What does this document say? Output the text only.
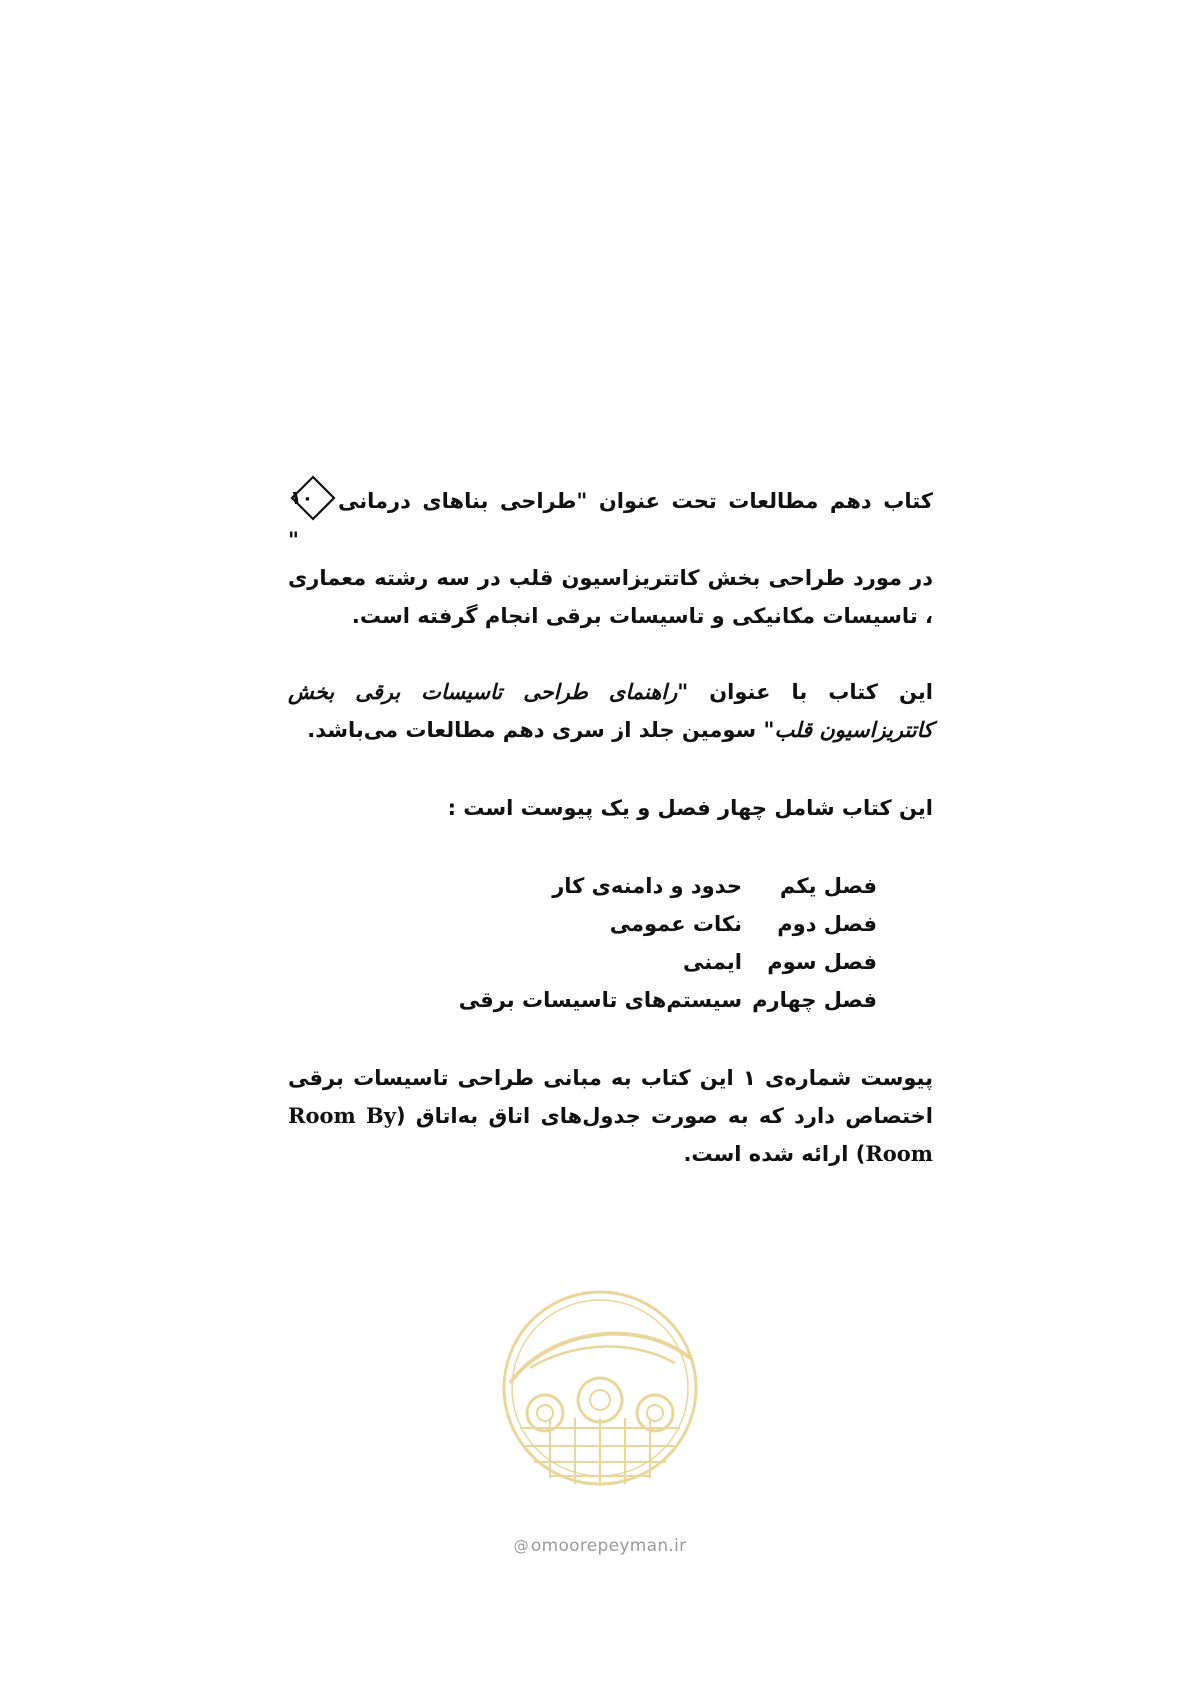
کتاب دهم مطالعات تحت عنوان "طراحی بناهای درمانی
۱۰
"
در مورد طراحی بخش کاتتریزاسیون قلب در سه رشته معماری ، تاسیسات مکانیکی و تاسیسات برقی انجام گرفته است.

این کتاب با عنوان "راهنمای طراحی تاسیسات برقی بخش کاتتریزاسیون قلب" سومین جلد از سری دهم مطالعات می‌باشد.

این کتاب شامل چهار فصل و یک پیوست است :

فصل یکم
حدود و دامنه‌ی کار
فصل دوم
نکات عمومی
فصل سوم
ایمنی
فصل چهارم
سیستم‌های تاسیسات برقی

پیوست شماره‌ی ۱ این کتاب به مبانی طراحی تاسیسات برقی اختصاص دارد که به صورت جدول‌های اتاق به‌اتاق (Room By Room) ارائه شده است.

@ omoorepeyman.ir
